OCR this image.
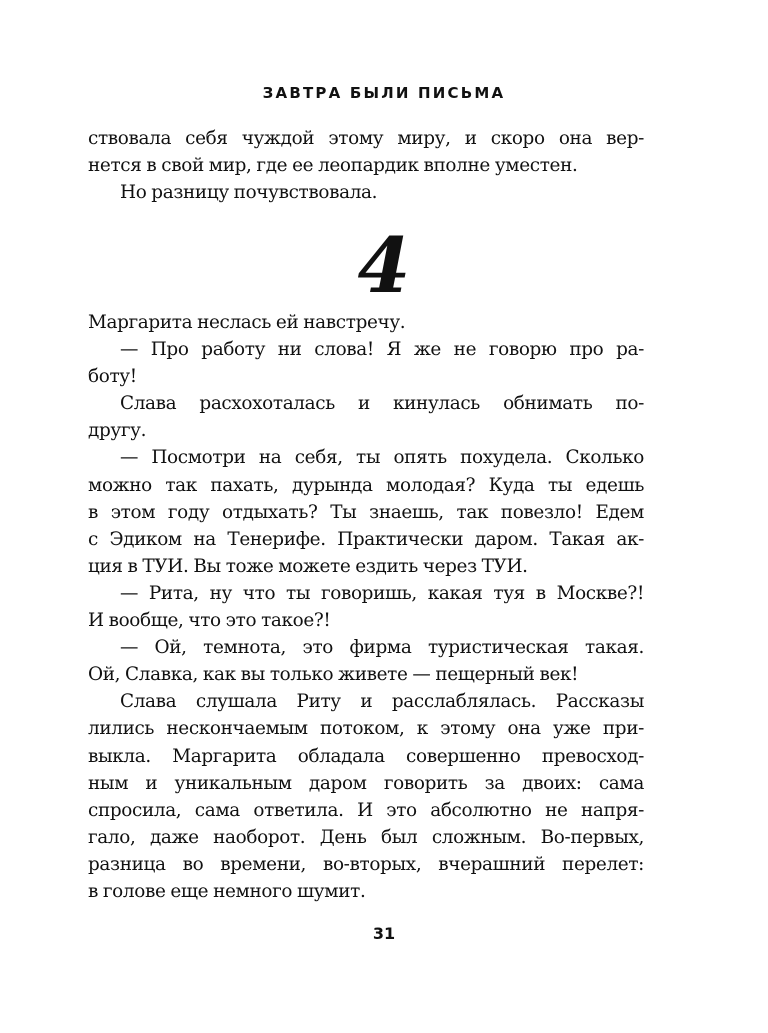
ЗАВТРА БЫЛИ ПИСЬМА

ствовала себя чуждой этому миру, и скоро она вер-

нется в свой мир, где ее леопардик вполне уместен.

Но разницу почувствовала.

4

Маргарита неслась ей навстречу.

— Про работу ни слова! Я же не говорю про ра-

боту!

Слава расхохоталась и кинулась обнимать по-

другу.

— Посмотри на себя, ты опять похудела. Сколько

можно так пахать, дурында молодая? Куда ты едешь

в этом году отдыхать? Ты знаешь, так повезло! Едем

с Эдиком на Тенерифе. Практически даром. Такая ак-

ция в ТУИ. Вы тоже можете ездить через ТУИ.

— Рита, ну что ты говоришь, какая туя в Москве?!

И вообще, что это такое?!

— Ой, темнота, это фирма туристическая такая.

Ой, Славка, как вы только живете — пещерный век!

Слава слушала Риту и расслаблялась. Рассказы

лились нескончаемым потоком, к этому она уже при-

выкла. Маргарита обладала совершенно превосход-

ным и уникальным даром говорить за двоих: сама

спросила, сама ответила. И это абсолютно не напря-

гало, даже наоборот. День был сложным. Во-первых,

разница во времени, во-вторых, вчерашний перелет:

в голове еще немного шумит.

31
